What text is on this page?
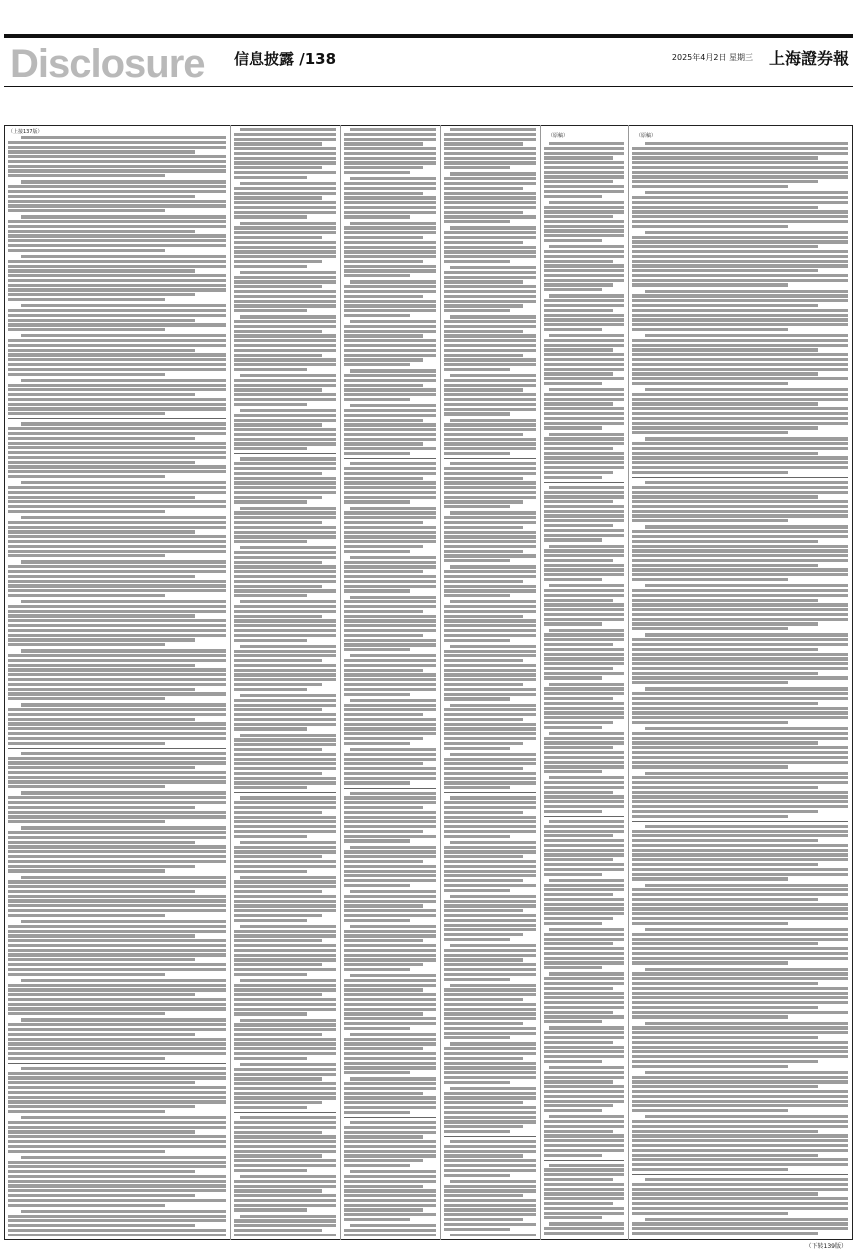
Disclosure 信息披露 /138	2025年4月2日 星期三 上海證券報
（上接137版）
（原稿）	（原稿）
（下转139版）
